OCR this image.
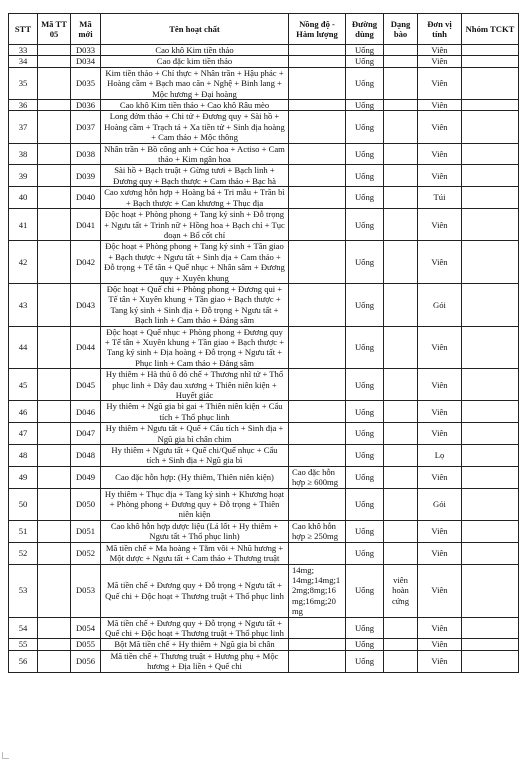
STT	Mã TT 05	Mã mới	Tên hoạt chất	Nồng độ - Hàm lượng	Đường dùng	Dạng bào	Đơn vị tính	Nhóm TCKT
33		D033	Cao khô Kim tiền thảo		Uống		Viên	
34		D034	Cao đặc kim tiền thảo		Uống		Viên	
35		D035	Kim tiền thảo + Chỉ thực + Nhân trần + Hậu phác + Hoàng cầm + Bạch mao căn + Nghệ + Binh lang + Mộc hương + Đại hoàng		Uống		Viên	
36		D036	Cao khô Kim tiền thảo + Cao khô Râu mèo		Uống		Viên	
37		D037	Long đởm thảo + Chi tử + Đương quy + Sài hồ + Hoàng cầm + Trạch tả + Xa tiền tử + Sinh địa hoàng + Cam thảo + Mộc thông		Uống		Viên	
38		D038	Nhân trần + Bồ công anh + Cúc hoa + Actiso + Cam thảo + Kim ngân hoa		Uống		Viên	
39		D039	Sài hồ + Bạch truật + Gừng tươi + Bạch linh + Đương quy + Bạch thược + Cam thảo + Bạc hà		Uống		Viên	
40		D040	Cao xương hỗn hợp + Hoàng bá + Tri mẫu + Trần bì + Bạch thược + Can khương + Thục địa		Uống		Túi	
41		D041	Độc hoạt + Phòng phong + Tang ký sinh + Đỗ trọng + Ngưu tất + Trinh nữ + Hồng hoa + Bạch chỉ + Tục đoạn + Bổ cốt chỉ		Uống		Viên	
42		D042	Độc hoạt + Phòng phong + Tang ký sinh + Tần giao + Bạch thược + Ngưu tất + Sinh địa + Cam thảo + Đỗ trọng + Tế tân + Quế nhục + Nhân sâm + Đương quy + Xuyên khung		Uống		Viên	
43		D043	Độc hoạt + Quế chi + Phòng phong + Đương qui + Tế tân + Xuyên khung + Tần giao + Bạch thược + Tang ký sinh + Sinh địa + Đỗ trọng + Ngưu tất + Bạch linh + Cam thảo + Đảng sâm		Uống		Gói	
44		D044	Độc hoạt + Quế nhục + Phòng phong + Đương quy + Tế tân + Xuyên khung + Tần giao + Bạch thược + Tang ký sinh + Địa hoàng + Đỗ trọng + Ngưu tất + Phục linh + Cam thảo + Đảng sâm		Uống		Viên	
45		D045	Hy thiêm + Hà thủ ô đỏ chế + Thương nhĩ tử + Thổ phục linh + Dây đau xương + Thiên niên kiện + Huyết giác		Uống		Viên	
46		D046	Hy thiêm + Ngũ gia bì gai + Thiên niên kiện + Cẩu tích + Thổ phục linh		Uống		Viên	
47		D047	Hy thiêm + Ngưu tất + Quế + Cẩu tích + Sinh địa + Ngũ gia bì chân chim		Uống		Viên	
48		D048	Hy thiêm + Ngưu tất + Quế chi/Quế nhục + Cẩu tích + Sinh địa + Ngũ gia bì		Uống		Lọ	
49		D049	Cao đặc hỗn hợp: (Hy thiêm, Thiên niên kiện)	Cao đặc hỗn hợp ≥ 600mg	Uống		Viên	
50		D050	Hy thiêm + Thục địa + Tang ký sinh + Khương hoạt + Phòng phong + Đương quy + Đỗ trọng + Thiên niên kiện		Uống		Gói	
51		D051	Cao khô hỗn hợp dược liệu (Lá lốt + Hy thiêm + Ngưu tất + Thổ phục linh)	Cao khô hỗn hợp ≥ 250mg	Uống		Viên	
52		D052	Mã tiền chế + Ma hoàng + Tằm vôi + Nhũ hương + Một dược + Ngưu tất + Cam thảo + Thương truật		Uống		Viên	
53		D053	Mã tiền chế + Đương quy + Đỗ trọng + Ngưu tất + Quế chi + Độc hoạt + Thương truật + Thổ phục linh	14mg; 14mg;14mg;12mg;8mg;16mg;16mg;20mg	Uống	viên hoàn cứng	Viên	
54		D054	Mã tiền chế + Đương quy + Đỗ trọng + Ngưu tất + Quế chi + Độc hoạt + Thương truật + Thổ phục linh		Uống		Viên	
55		D055	Bột Mã tiền chế + Hy thiêm + Ngũ gia bì chân		Uống		Viên	
56		D056	Mã tiền chế + Thương truật + Hương phụ + Mộc hương + Địa liền + Quế chi		Uống		Viên	
